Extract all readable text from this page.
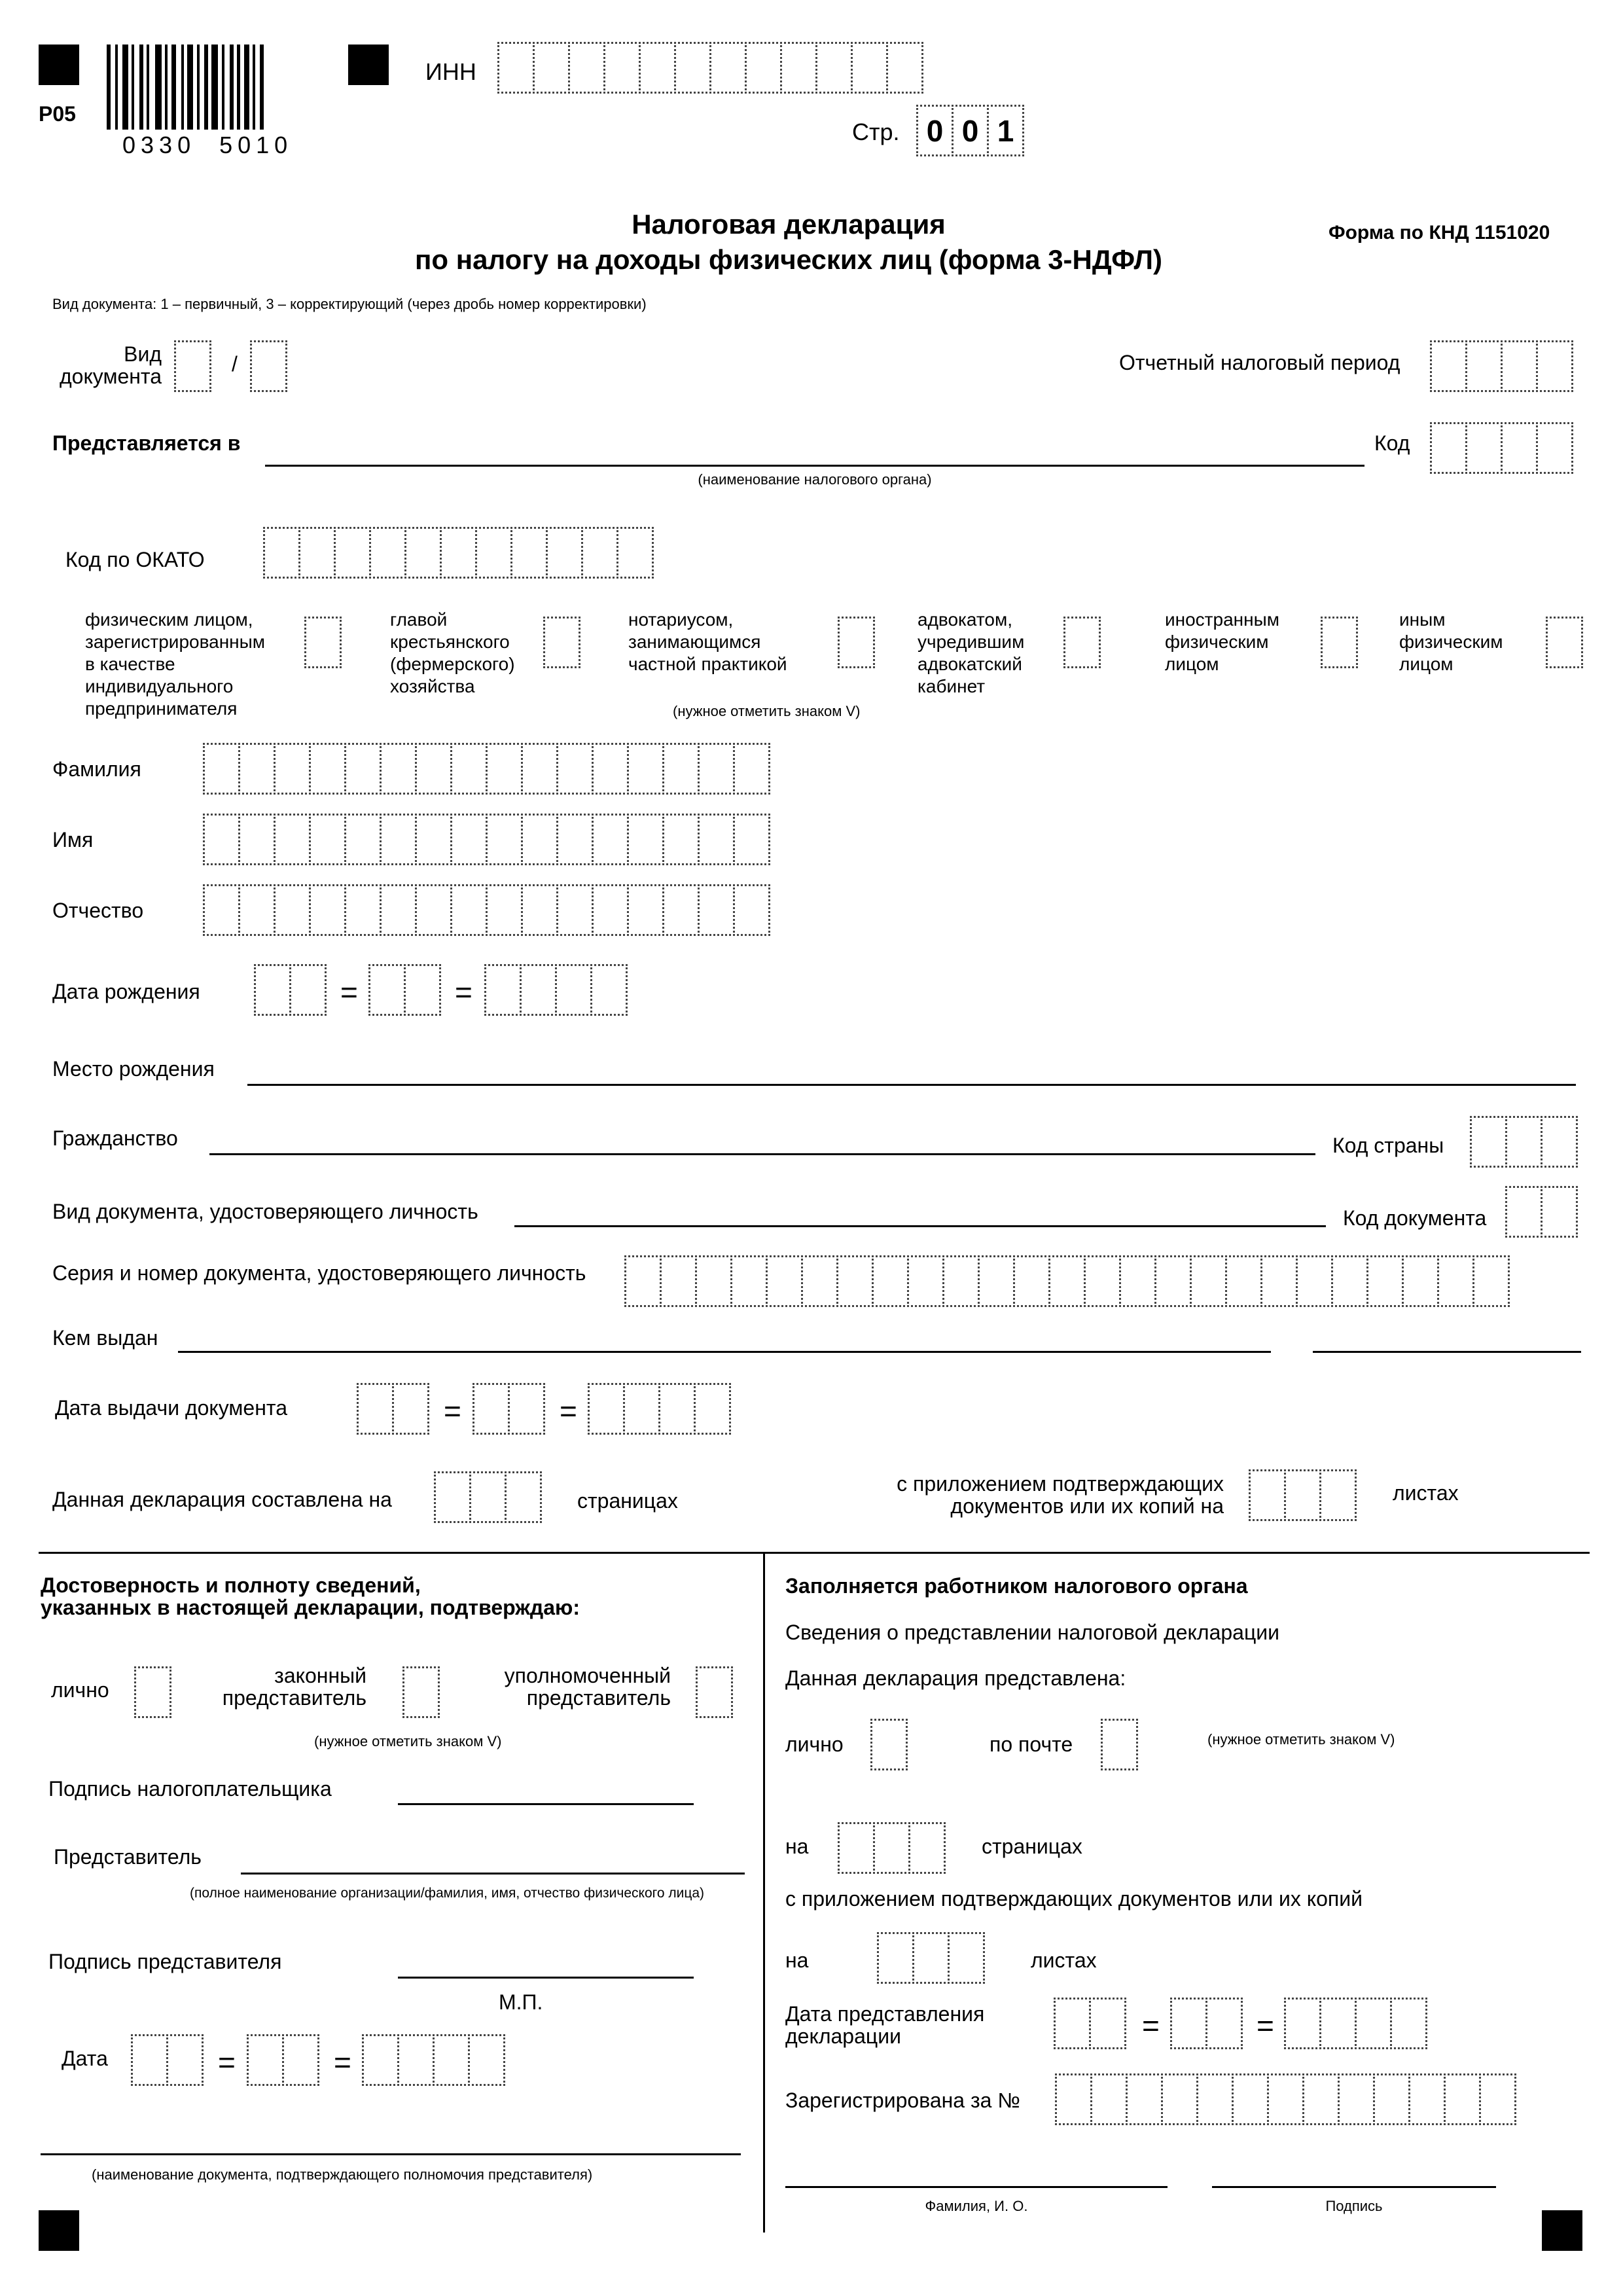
Р05
0330  5010
ИНН
Стр. 0 0 1
Налоговая декларация
по налогу на доходы физических лиц (форма 3-НДФЛ)
Форма по КНД 1151020
Вид документа: 1 – первичный, 3 – корректирующий (через дробь номер корректировки)
Вид
документа
/	Отчетный налоговый период
Представляется в
(наименование налогового органа)
Код
Код по ОКАТО
физическим лицом,
зарегистрированным
в качестве
индивидуального
предпринимателя
главой
крестьянского
(фермерского)
хозяйства
нотариусом,
занимающимся
частной практикой
адвокатом,
учредившим
адвокатский
кабинет
иностранным
физическим
лицом
иным
физическим
лицом
(нужное отметить знаком V)
Фамилия
Имя
Отчество
Дата рождения	=	=
Место рождения
Гражданство	Код страны
Вид документа, удостоверяющего личность	Код документа
Серия и номер документа, удостоверяющего личность
Кем выдан
Дата выдачи документа	=	=
Данная декларация составлена на	страницах
с приложением подтверждающих
документов или их копий на
листах
Достоверность и полноту сведений,
указанных в настоящей декларации, подтверждаю:
лично
законный
представитель
уполномоченный
представитель
(нужное отметить знаком V)
Подпись налогоплательщика
Представитель
(полное наименование организации/фамилия, имя, отчество физического лица)
Подпись представителя
М.П.
Дата	=	=
(наименование документа, подтверждающего полномочия представителя)
Заполняется работником налогового органа
Сведения о представлении налоговой декларации
Данная декларация представлена:
лично	по почте	(нужное отметить знаком V)
на	страницах
с приложением подтверждающих документов или их копий
на	листах
Дата представления
декларации	=	=
Зарегистрирована за №
Фамилия, И. О.	Подпись
